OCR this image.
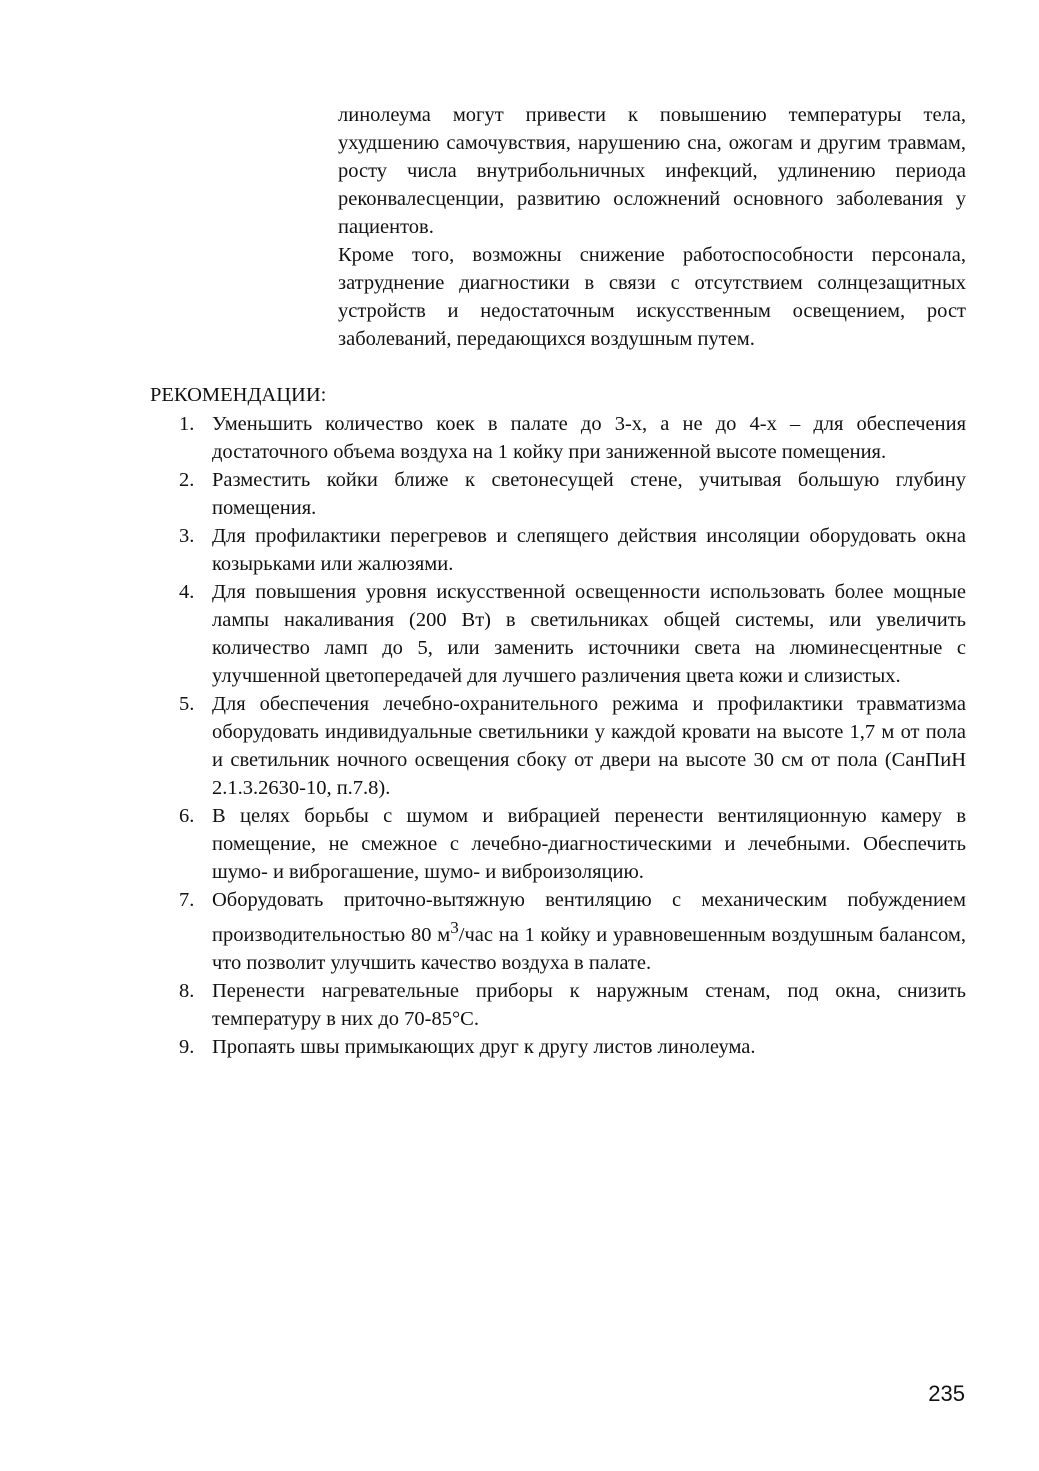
линолеума могут привести к повышению температуры тела, ухудшению самочувствия, нарушению сна, ожогам и другим травмам, росту числа внутрибольничных инфекций, удлинению периода реконвалесценции, развитию осложнений основного заболевания у пациентов.

Кроме того, возможны снижение работоспособности персонала, затруднение диагностики в связи с отсутствием солнцезащитных устройств и недостаточным искусственным освещением, рост заболеваний, передающихся воздушным путем.

РЕКОМЕНДАЦИИ:
1. Уменьшить количество коек в палате до 3-х, а не до 4-х – для обеспечения достаточного объема воздуха на 1 койку при заниженной высоте помещения.
2. Разместить койки ближе к светонесущей стене, учитывая большую глубину помещения.
3. Для профилактики перегревов и слепящего действия инсоляции оборудовать окна козырьками или жалюзями.
4. Для повышения уровня искусственной освещенности использовать более мощные лампы накаливания (200 Вт) в светильниках общей системы, или увеличить количество ламп до 5, или заменить источники света на люминесцентные с улучшенной цветопередачей для лучшего различения цвета кожи и слизистых.
5. Для обеспечения лечебно-охранительного режима и профилактики травматизма оборудовать индивидуальные светильники у каждой кровати на высоте 1,7 м от пола и светильник ночного освещения сбоку от двери на высоте 30 см от пола (СанПиН 2.1.3.2630-10, п.7.8).
6. В целях борьбы с шумом и вибрацией перенести вентиляционную камеру в помещение, не смежное с лечебно-диагностическими и лечебными. Обеспечить шумо- и виброгашение, шумо- и виброизоляцию.
7. Оборудовать приточно-вытяжную вентиляцию с механическим побуждением производительностью 80 $м^3$/час на 1 койку и уравновешенным воздушным балансом, что позволит улучшить качество воздуха в палате.
8. Перенести нагревательные приборы к наружным стенам, под окна, снизить температуру в них до 70-85°С.
9. Пропаять швы примыкающих друг к другу листов линолеума.
235
